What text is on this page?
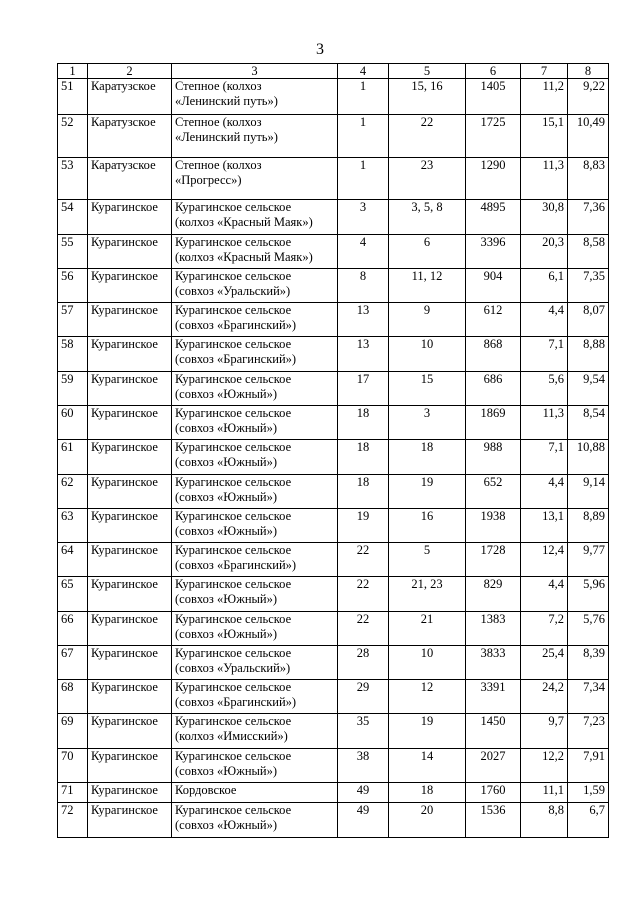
3
1	2	3	4	5	6	7	8
51	Каратузское	Степное (колхоз
«Ленинский путь»)	1	15, 16	1405	11,2	9,22
52	Каратузское	Степное (колхоз
«Ленинский путь»)	1	22	1725	15,1	10,49
53	Каратузское	Степное (колхоз
«Прогресс»)	1	23	1290	11,3	8,83
54	Курагинское	Курагинское сельское
(колхоз «Красный Маяк»)	3	3, 5, 8	4895	30,8	7,36
55	Курагинское	Курагинское сельское
(колхоз «Красный Маяк»)	4	6	3396	20,3	8,58
56	Курагинское	Курагинское сельское
(совхоз «Уральский»)	8	11, 12	904	6,1	7,35
57	Курагинское	Курагинское сельское
(совхоз «Брагинский»)	13	9	612	4,4	8,07
58	Курагинское	Курагинское сельское
(совхоз «Брагинский»)	13	10	868	7,1	8,88
59	Курагинское	Курагинское сельское
(совхоз «Южный»)	17	15	686	5,6	9,54
60	Курагинское	Курагинское сельское
(совхоз «Южный»)	18	3	1869	11,3	8,54
61	Курагинское	Курагинское сельское
(совхоз «Южный»)	18	18	988	7,1	10,88
62	Курагинское	Курагинское сельское
(совхоз «Южный»)	18	19	652	4,4	9,14
63	Курагинское	Курагинское сельское
(совхоз «Южный»)	19	16	1938	13,1	8,89
64	Курагинское	Курагинское сельское
(совхоз «Брагинский»)	22	5	1728	12,4	9,77
65	Курагинское	Курагинское сельское
(совхоз «Южный»)	22	21, 23	829	4,4	5,96
66	Курагинское	Курагинское сельское
(совхоз «Южный»)	22	21	1383	7,2	5,76
67	Курагинское	Курагинское сельское
(совхоз «Уральский»)	28	10	3833	25,4	8,39
68	Курагинское	Курагинское сельское
(совхоз «Брагинский»)	29	12	3391	24,2	7,34
69	Курагинское	Курагинское сельское
(колхоз «Имисский»)	35	19	1450	9,7	7,23
70	Курагинское	Курагинское сельское
(совхоз «Южный»)	38	14	2027	12,2	7,91
71	Курагинское	Кордовское	49	18	1760	11,1	1,59
72	Курагинское	Курагинское сельское
(совхоз «Южный»)	49	20	1536	8,8	6,7
